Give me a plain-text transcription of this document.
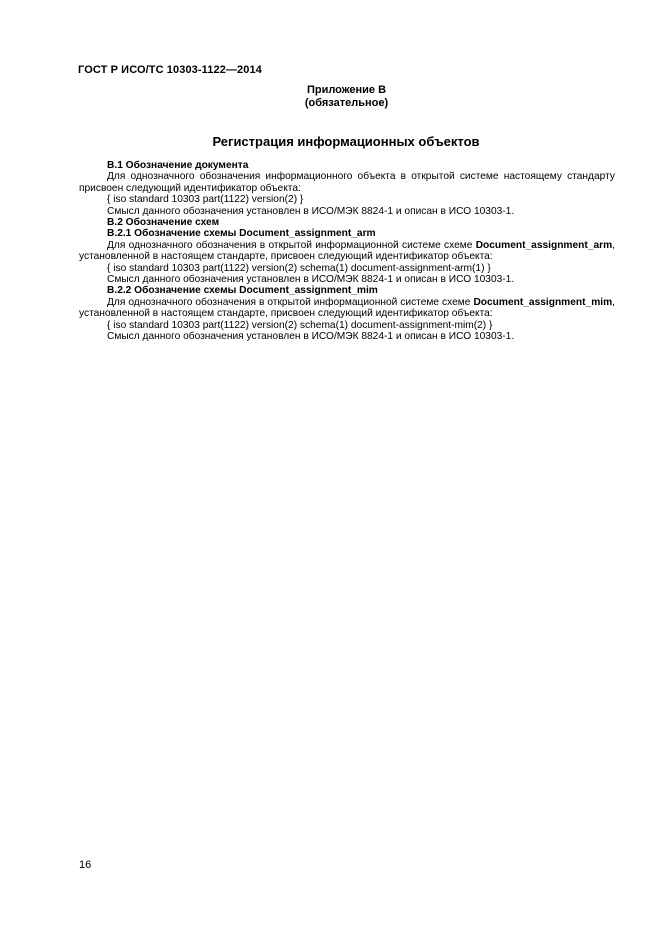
ГОСТ Р ИСО/ТС 10303-1122—2014
Приложение B
(обязательное)
Регистрация информационных объектов

B.1 Обозначение документа

Для однозначного обозначения информационного объекта в открытой системе настоящему стандарту присвоен следующий идентификатор объекта:

{ iso standard 10303 part(1122) version(2) }

Смысл данного обозначения установлен в ИСО/МЭК 8824-1 и описан в ИСО 10303-1.

B.2 Обозначение схем

B.2.1 Обозначение схемы Document_assignment_arm

Для однозначного обозначения в открытой информационной системе схеме Document_assignment_arm, установленной в настоящем стандарте, присвоен следующий идентификатор объекта:

{ iso standard 10303 part(1122) version(2) schema(1) document-assignment-arm(1) }

Смысл данного обозначения установлен в ИСО/МЭК 8824-1 и описан в ИСО 10303-1.

B.2.2 Обозначение схемы Document_assignment_mim

Для однозначного обозначения в открытой информационной системе схеме Document_assignment_mim, установленной в настоящем стандарте, присвоен следующий идентификатор объекта:

{ iso standard 10303 part(1122) version(2) schema(1) document-assignment-mim(2) }

Смысл данного обозначения установлен в ИСО/МЭК 8824-1 и описан в ИСО 10303-1.

16
